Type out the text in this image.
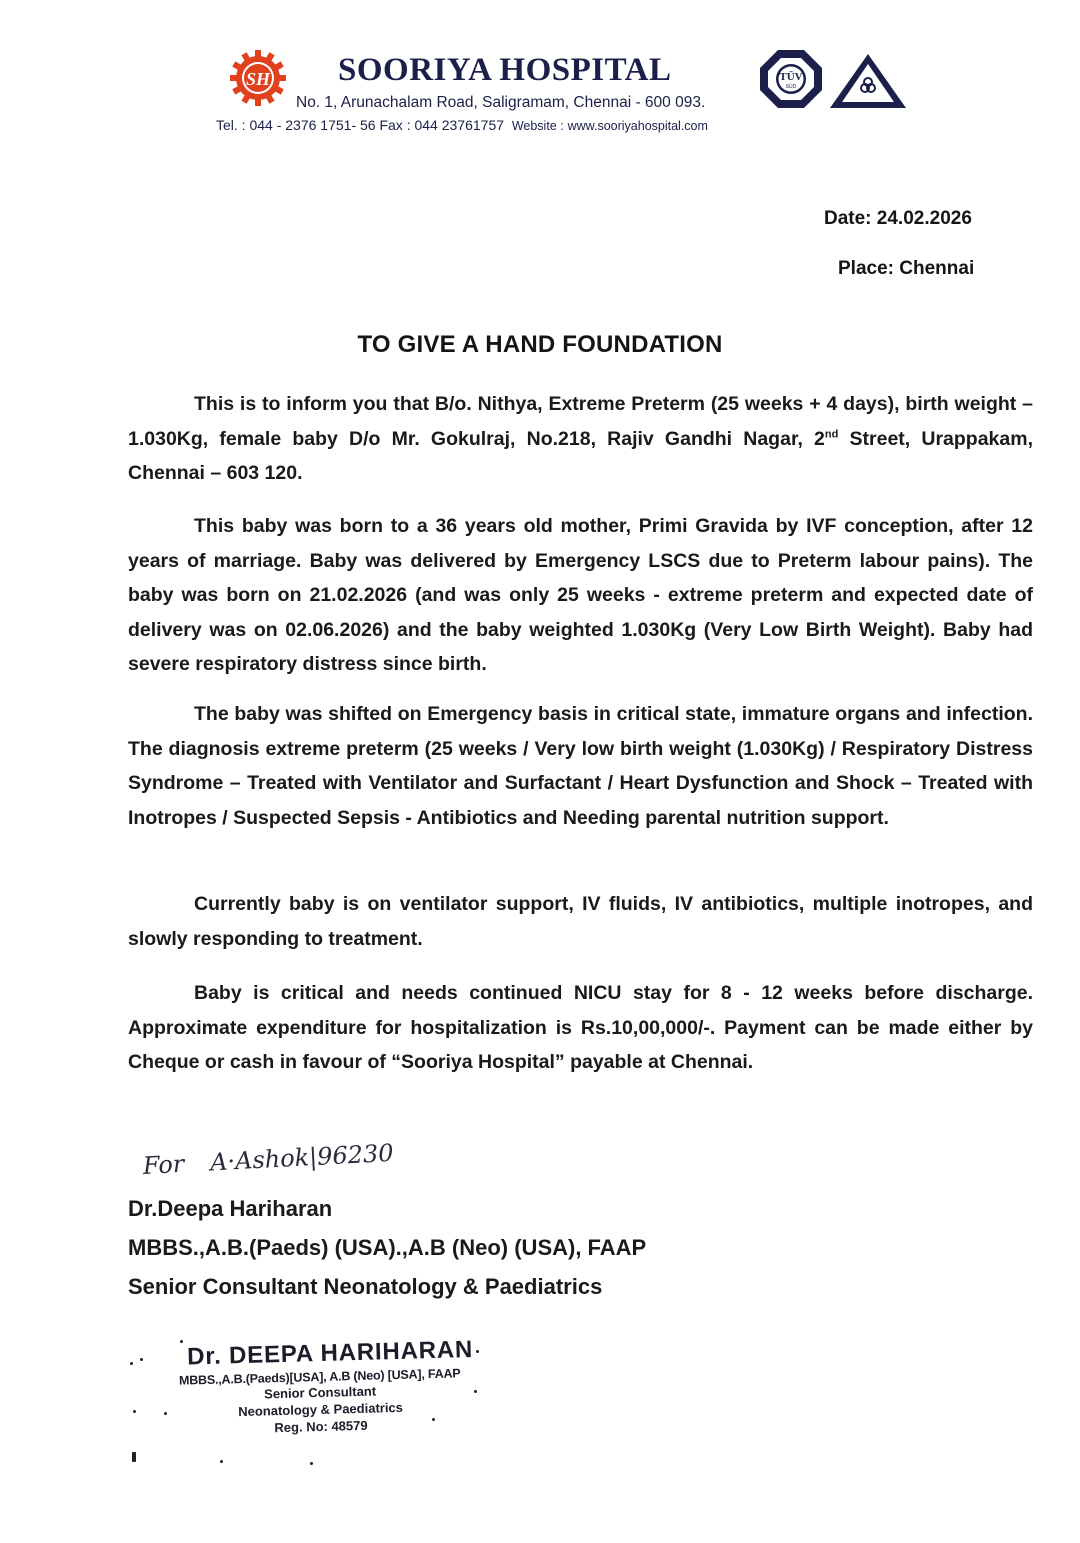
SH SOORIYA HOSPITAL
No. 1, Arunachalam Road, Saligramam, Chennai - 600 093.
Tel. : 044 - 2376 1751- 56 Fax : 044 23761757 Website : www.sooriyahospital.com
TÜV
SÜD
Date: 24.02.2026
Place: Chennai
TO GIVE A HAND FOUNDATION
This is to inform you that B/o. Nithya, Extreme Preterm (25 weeks + 4 days), birth weight – 1.030Kg, female baby D/o Mr. Gokulraj, No.218, Rajiv Gandhi Nagar, 2nd Street, Urappakam, Chennai – 603 120.
This baby was born to a 36 years old mother, Primi Gravida by IVF conception, after 12 years of marriage. Baby was delivered by Emergency LSCS due to Preterm labour pains). The baby was born on 21.02.2026 (and was only 25 weeks - extreme preterm and expected date of delivery was on 02.06.2026) and the baby weighted 1.030Kg (Very Low Birth Weight). Baby had severe respiratory distress since birth.
The baby was shifted on Emergency basis in critical state, immature organs and infection. The diagnosis extreme preterm (25 weeks / Very low birth weight (1.030Kg) / Respiratory Distress Syndrome – Treated with Ventilator and Surfactant / Heart Dysfunction and Shock – Treated with Inotropes / Suspected Sepsis - Antibiotics and Needing parental nutrition support.
Currently baby is on ventilator support, IV fluids, IV antibiotics, multiple inotropes, and slowly responding to treatment.
Baby is critical and needs continued NICU stay for 8 - 12 weeks before discharge. Approximate expenditure for hospitalization is Rs.10,00,000/-. Payment can be made either by Cheque or cash in favour of “Sooriya Hospital” payable at Chennai.
For A·Ashok|96230
Dr.Deepa Hariharan
MBBS.,A.B.(Paeds) (USA).,A.B (Neo) (USA), FAAP
Senior Consultant Neonatology & Paediatrics
Dr. DEEPA HARIHARAN
MBBS.,A.B.(Paeds)[USA], A.B (Neo) [USA], FAAP
Senior Consultant
Neonatology & Paediatrics
Reg. No: 48579
